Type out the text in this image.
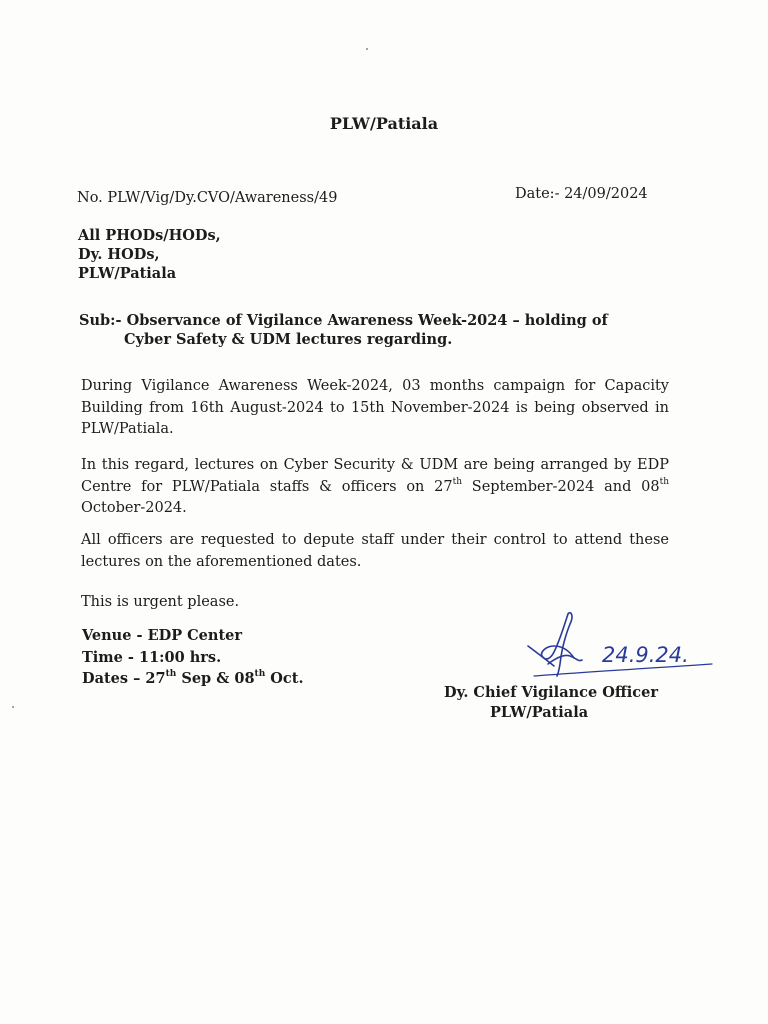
PLW/Patiala

No. PLW/Vig/Dy.CVO/Awareness/49	Date:- 24/09/2024

All PHODs/HODs,
Dy. HODs,
PLW/Patiala
Sub:- Observance of Vigilance Awareness Week-2024 – holding of
Cyber Safety & UDM lectures regarding.

During Vigilance Awareness Week-2024, 03 months campaign for Capacity Building from 16th August-2024 to 15th November-2024 is being observed in PLW/Patiala.

In this regard, lectures on Cyber Security & UDM are being arranged by EDP Centre for PLW/Patiala staffs & officers on 27th September-2024 and 08th October-2024.

All officers are requested to depute staff under their control to attend these lectures on the aforementioned dates.

This is urgent please.

Venue - EDP Center
Time - 11:00 hrs.
Dates – 27th Sep & 08th Oct.
24.9.24.
Dy. Chief Vigilance Officer
PLW/Patiala
